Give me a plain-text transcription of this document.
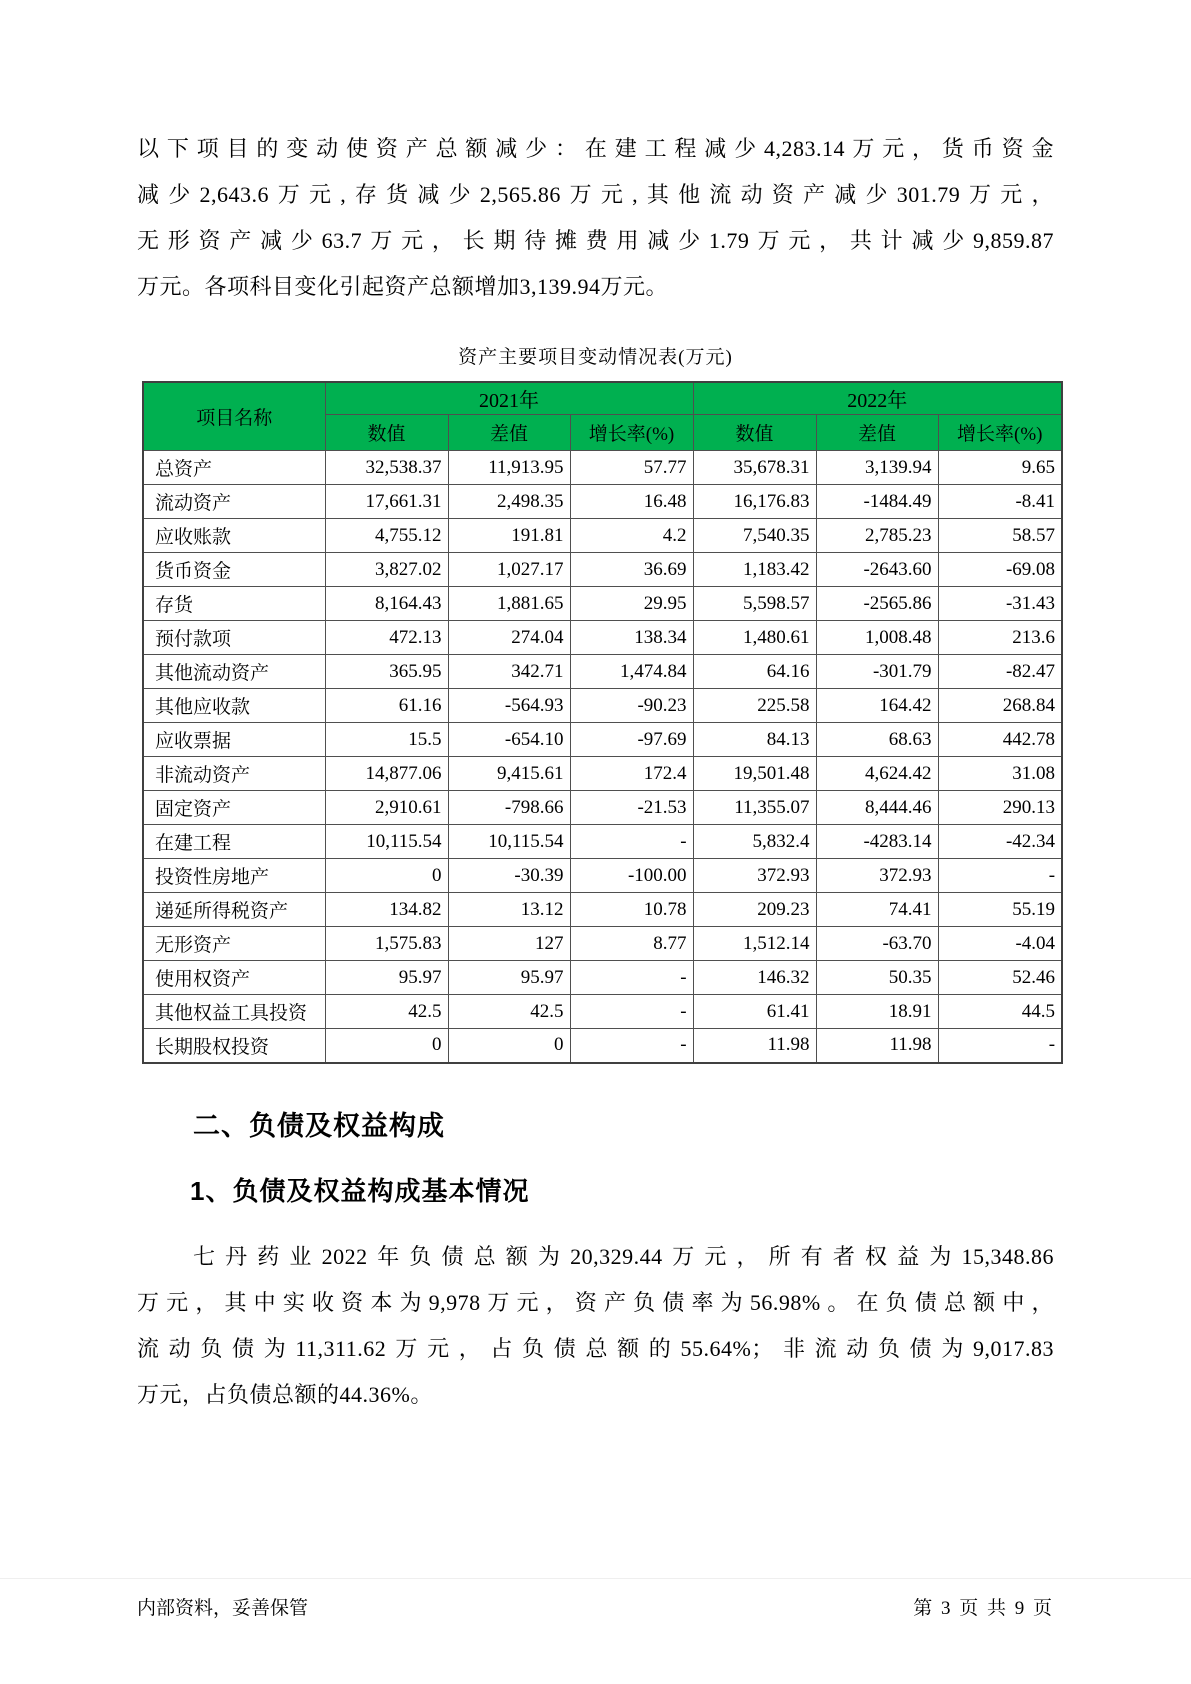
以下项目的变动使资产总额减少：在建工程减少4,283.14万元，货币资金
减少2,643.6万元,存货减少2,565.86万元,其他流动资产减少301.79万元，
无形资产减少63.7万元，长期待摊费用减少1.79万元，共计减少9,859.87
万元。各项科目变化引起资产总额增加3,139.94万元。
资产主要项目变动情况表(万元)
项目名称	2021年			2022年		
	数值	差值	增长率(%)	数值	差值	增长率(%)
总资产	32,538.37	11,913.95	57.77	35,678.31	3,139.94	9.65
流动资产	17,661.31	2,498.35	16.48	16,176.83	-1484.49	-8.41
应收账款	4,755.12	191.81	4.2	7,540.35	2,785.23	58.57
货币资金	3,827.02	1,027.17	36.69	1,183.42	-2643.60	-69.08
存货	8,164.43	1,881.65	29.95	5,598.57	-2565.86	-31.43
预付款项	472.13	274.04	138.34	1,480.61	1,008.48	213.6
其他流动资产	365.95	342.71	1,474.84	64.16	-301.79	-82.47
其他应收款	61.16	-564.93	-90.23	225.58	164.42	268.84
应收票据	15.5	-654.10	-97.69	84.13	68.63	442.78
非流动资产	14,877.06	9,415.61	172.4	19,501.48	4,624.42	31.08
固定资产	2,910.61	-798.66	-21.53	11,355.07	8,444.46	290.13
在建工程	10,115.54	10,115.54	-	5,832.4	-4283.14	-42.34
投资性房地产	0	-30.39	-100.00	372.93	372.93	-
递延所得税资产	134.82	13.12	10.78	209.23	74.41	55.19
无形资产	1,575.83	127	8.77	1,512.14	-63.70	-4.04
使用权资产	95.97	95.97	-	146.32	50.35	52.46
其他权益工具投资	42.5	42.5	-	61.41	18.91	44.5
长期股权投资	0	0	-	11.98	11.98	-
二、负债及权益构成
1、负债及权益构成基本情况
七丹药业2022年负债总额为20,329.44万元，所有者权益为15,348.86
万元，其中实收资本为9,978万元，资产负债率为56.98%。在负债总额中，
流动负债为11,311.62万元，占负债总额的55.64%；非流动负债为9,017.83
万元，占负债总额的44.36%。
内部资料，妥善保管	第 3 页 共 9 页
